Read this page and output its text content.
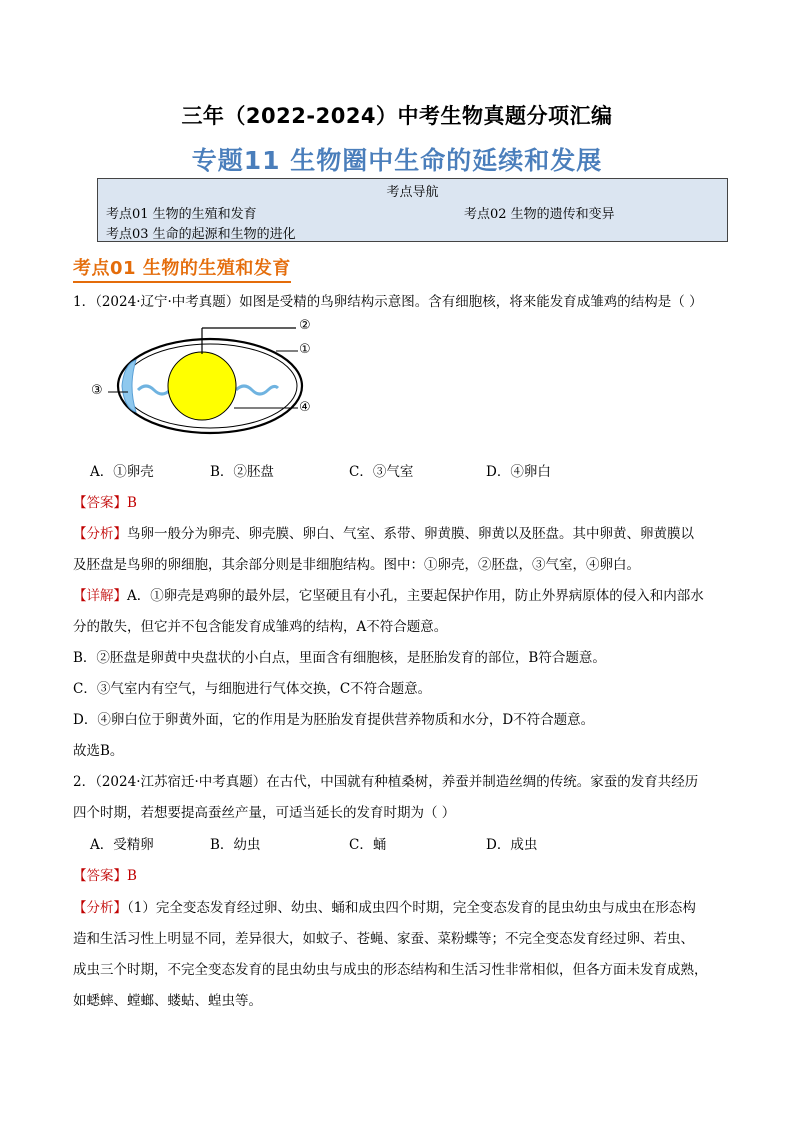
三年（2022-2024）中考生物真题分项汇编
专题11 生物圈中生命的延续和发展
考点导航
考点01 生物的生殖和发育	考点02 生物的遗传和变异
考点03 生命的起源和生物的进化
考点01 生物的生殖和发育
1．（2024·辽宁·中考真题）如图是受精的鸟卵结构示意图。含有细胞核，将来能发育成雏鸡的结构是（ ）
②
①
③
④
A．①卵壳	B．②胚盘	C．③气室	D．④卵白
【答案】B
【分析】鸟卵一般分为卵壳、卵壳膜、卵白、气室、系带、卵黄膜、卵黄以及胚盘。其中卵黄、卵黄膜以
及胚盘是鸟卵的卵细胞，其余部分则是非细胞结构。图中：①卵壳，②胚盘，③气室，④卵白。
【详解】A．①卵壳是鸡卵的最外层，它坚硬且有小孔，主要起保护作用，防止外界病原体的侵入和内部水
分的散失，但它并不包含能发育成雏鸡的结构，A不符合题意。
B．②胚盘是卵黄中央盘状的小白点，里面含有细胞核，是胚胎发育的部位，B符合题意。
C．③气室内有空气，与细胞进行气体交换，C不符合题意。
D．④卵白位于卵黄外面，它的作用是为胚胎发育提供营养物质和水分，D不符合题意。
故选B。
2．（2024·江苏宿迁·中考真题）在古代，中国就有种植桑树，养蚕并制造丝绸的传统。家蚕的发育共经历
四个时期，若想要提高蚕丝产量，可适当延长的发育时期为（ ）
A．受精卵	B．幼虫	C．蛹	D．成虫
【答案】B
【分析】（1）完全变态发育经过卵、幼虫、蛹和成虫四个时期，完全变态发育的昆虫幼虫与成虫在形态构
造和生活习性上明显不同，差异很大，如蚊子、苍蝇、家蚕、菜粉蝶等；不完全变态发育经过卵、若虫、
成虫三个时期，不完全变态发育的昆虫幼虫与成虫的形态结构和生活习性非常相似，但各方面未发育成熟，
如蟋蟀、螳螂、蝼蛄、蝗虫等。
